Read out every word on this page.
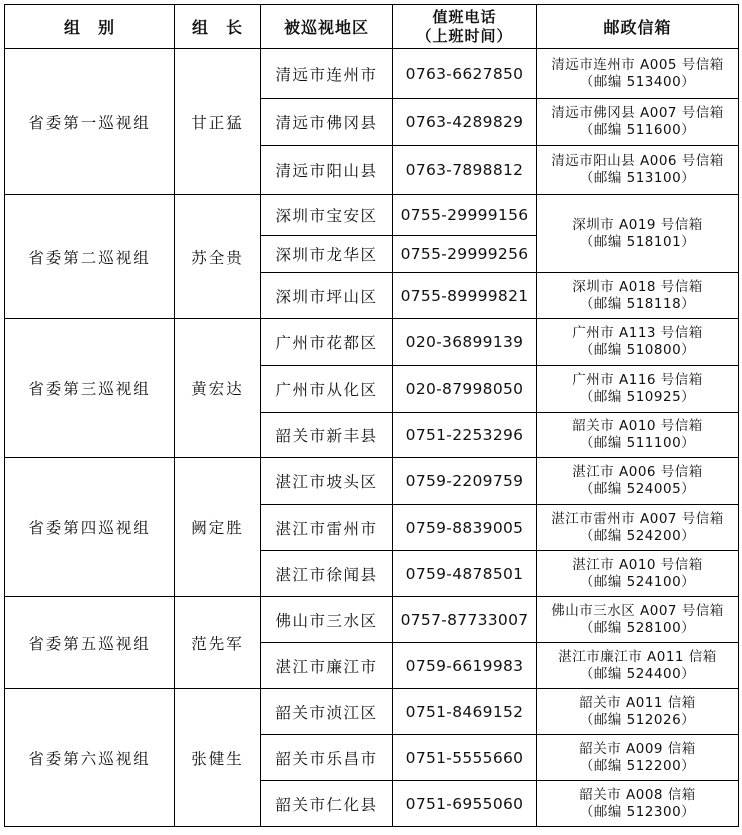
组　别	组　长	被巡视地区	值班电话
（上班时间）	邮政信箱
省委第一巡视组	甘正猛	清远市连州市	0763-6627850	清远市连州市 A005 号信箱
（邮编 513400）

		清远市佛冈县	0763-4289829	清远市佛冈县 A007 号信箱
（邮编 511600）

		清远市阳山县	0763-7898812	清远市阳山县 A006 号信箱
（邮编 513100）

省委第二巡视组	苏全贵	深圳市宝安区	0755-29999156	深圳市 A019 号信箱
（邮编 518101）

		深圳市龙华区	0755-29999256	
		深圳市坪山区	0755-89999821	深圳市 A018 号信箱
（邮编 518118）

省委第三巡视组	黄宏达	广州市花都区	020-36899139	广州市 A113 号信箱
（邮编 510800）

		广州市从化区	020-87998050	广州市 A116 号信箱
（邮编 510925）

		韶关市新丰县	0751-2253296	韶关市 A010 号信箱
（邮编 511100）

省委第四巡视组	阙定胜	湛江市坡头区	0759-2209759	湛江市 A006 号信箱
（邮编 524005）

		湛江市雷州市	0759-8839005	湛江市雷州市 A007 号信箱
（邮编 524200）

		湛江市徐闻县	0759-4878501	湛江市 A010 号信箱
（邮编 524100）

省委第五巡视组	范先军	佛山市三水区	0757-87733007	佛山市三水区 A007 号信箱
（邮编 528100）

		湛江市廉江市	0759-6619983	湛江市廉江市 A011 信箱
（邮编 524400）

省委第六巡视组	张健生	韶关市浈江区	0751-8469152	韶关市 A011 信箱
（邮编 512026）

		韶关市乐昌市	0751-5555660	韶关市 A009 信箱
（邮编 512200）

		韶关市仁化县	0751-6955060	韶关市 A008 信箱
（邮编 512300）
